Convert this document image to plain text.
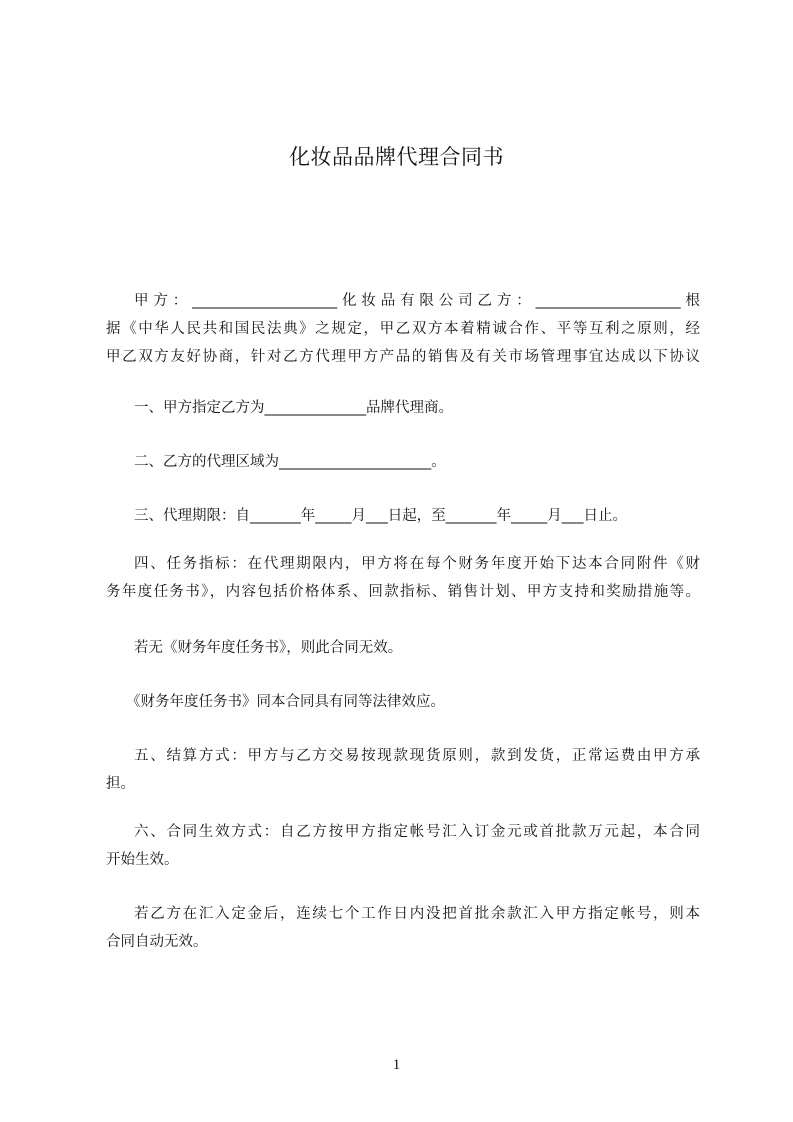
化妆品品牌代理合同书
甲方：____________________化妆品有限公司乙方：____________________根
据《中华人民共和国民法典》之规定，甲乙双方本着精诚合作、平等互利之原则，经
甲乙双方友好协商，针对乙方代理甲方产品的销售及有关市场管理事宜达成以下协议
一、甲方指定乙方为______________品牌代理商。
二、乙方的代理区域为_____________________。
三、代理期限：自_______年_____月___日起，至_______年_____月___日止。
四、任务指标：在代理期限内，甲方将在每个财务年度开始下达本合同附件《财
务年度任务书》，内容包括价格体系、回款指标、销售计划、甲方支持和奖励措施等。
若无《财务年度任务书》，则此合同无效。
《财务年度任务书》同本合同具有同等法律效应。
五、结算方式：甲方与乙方交易按现款现货原则，款到发货，正常运费由甲方承
担。
六、合同生效方式：自乙方按甲方指定帐号汇入订金元或首批款万元起，本合同
开始生效。
若乙方在汇入定金后，连续七个工作日内没把首批余款汇入甲方指定帐号，则本
合同自动无效。
1
